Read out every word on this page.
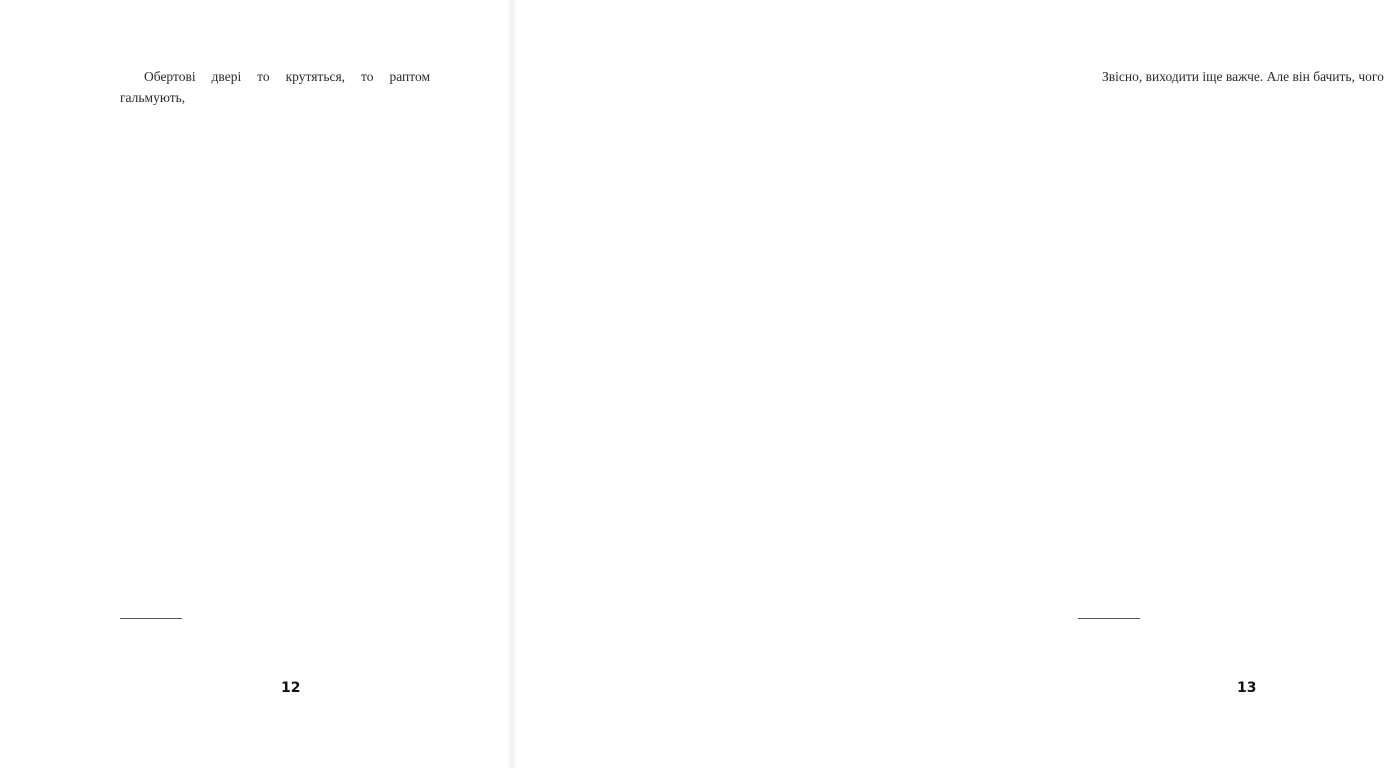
Обертові двері то крутяться, то раптом гальмують,

12

Звісно, виходити іще важче. Але він бачить, чого

13
